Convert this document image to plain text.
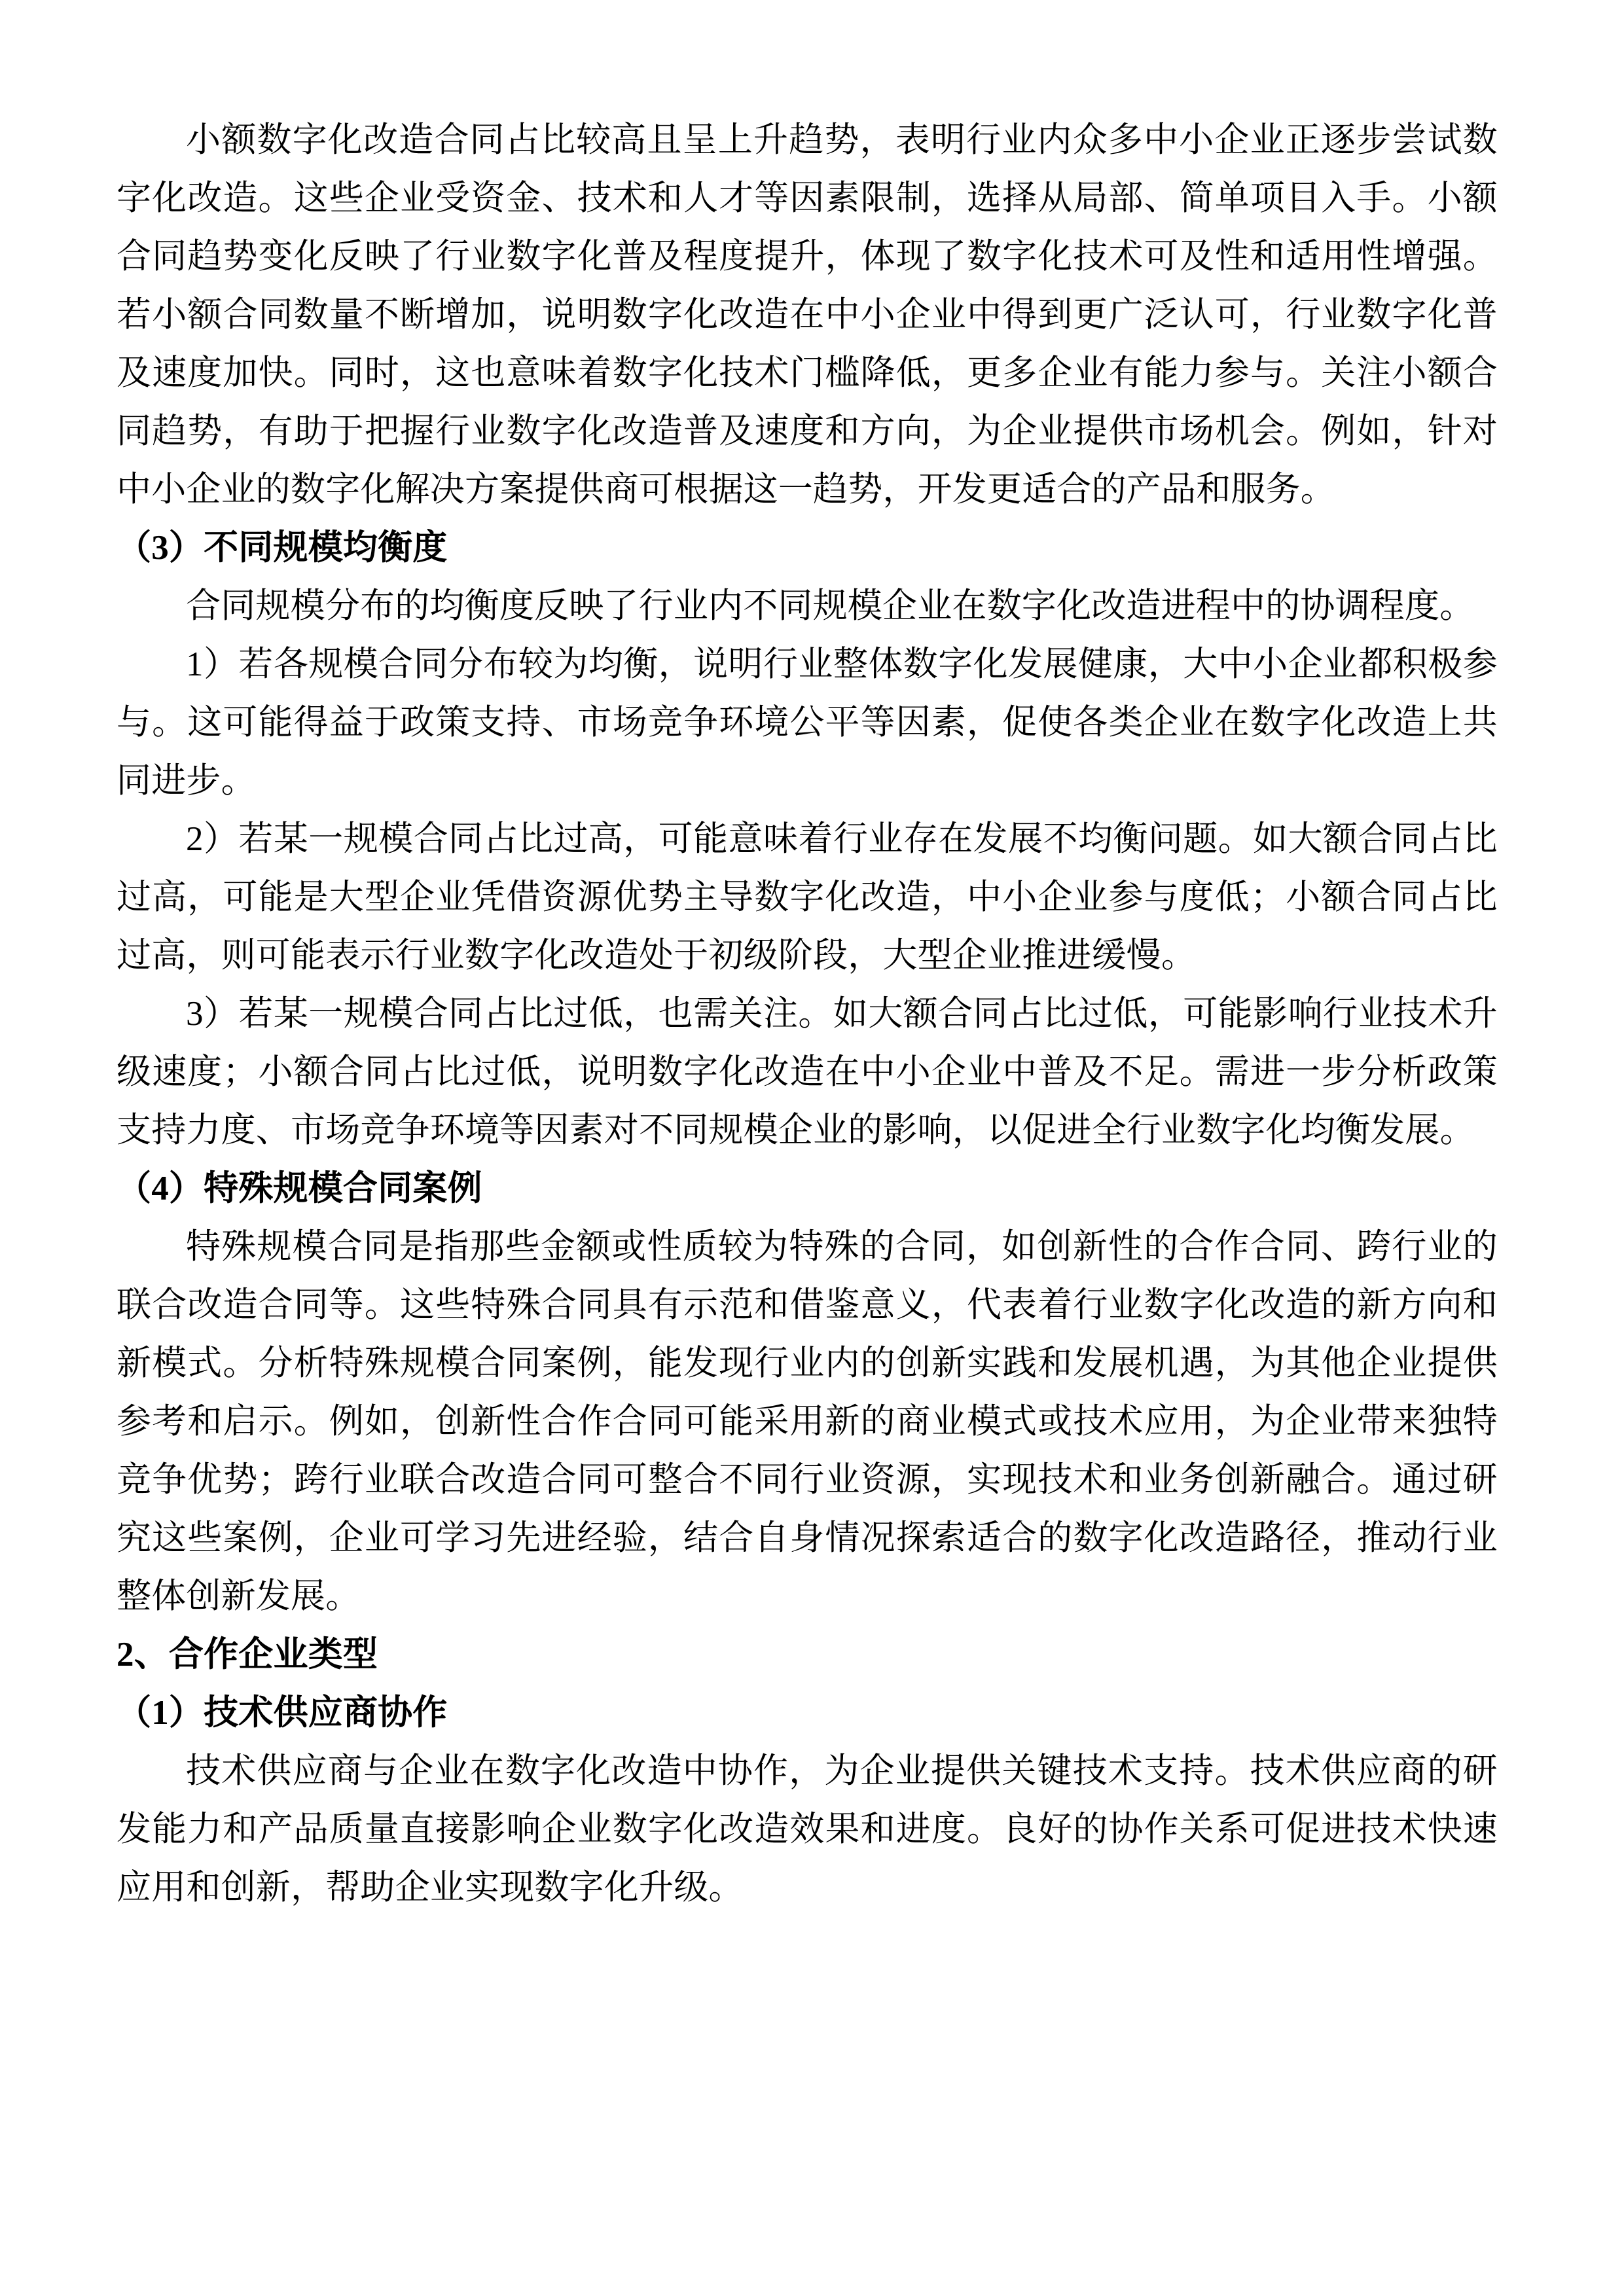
小额数字化改造合同占比较高且呈上升趋势，表明行业内众多中小企业正逐步尝试数字化改造。这些企业受资金、技术和人才等因素限制，选择从局部、简单项目入手。小额合同趋势变化反映了行业数字化普及程度提升，体现了数字化技术可及性和适用性增强。若小额合同数量不断增加，说明数字化改造在中小企业中得到更广泛认可，行业数字化普及速度加快。同时，这也意味着数字化技术门槛降低，更多企业有能力参与。关注小额合同趋势，有助于把握行业数字化改造普及速度和方向，为企业提供市场机会。例如，针对中小企业的数字化解决方案提供商可根据这一趋势，开发更适合的产品和服务。

（3）不同规模均衡度

合同规模分布的均衡度反映了行业内不同规模企业在数字化改造进程中的协调程度。

1）若各规模合同分布较为均衡，说明行业整体数字化发展健康，大中小企业都积极参与。这可能得益于政策支持、市场竞争环境公平等因素，促使各类企业在数字化改造上共同进步。

2）若某一规模合同占比过高，可能意味着行业存在发展不均衡问题。如大额合同占比过高，可能是大型企业凭借资源优势主导数字化改造，中小企业参与度低；小额合同占比过高，则可能表示行业数字化改造处于初级阶段，大型企业推进缓慢。

3）若某一规模合同占比过低，也需关注。如大额合同占比过低，可能影响行业技术升级速度；小额合同占比过低，说明数字化改造在中小企业中普及不足。需进一步分析政策支持力度、市场竞争环境等因素对不同规模企业的影响，以促进全行业数字化均衡发展。

（4）特殊规模合同案例

特殊规模合同是指那些金额或性质较为特殊的合同，如创新性的合作合同、跨行业的联合改造合同等。这些特殊合同具有示范和借鉴意义，代表着行业数字化改造的新方向和新模式。分析特殊规模合同案例，能发现行业内的创新实践和发展机遇，为其他企业提供参考和启示。例如，创新性合作合同可能采用新的商业模式或技术应用，为企业带来独特竞争优势；跨行业联合改造合同可整合不同行业资源，实现技术和业务创新融合。通过研究这些案例，企业可学习先进经验，结合自身情况探索适合的数字化改造路径，推动行业整体创新发展。

2、合作企业类型
（1）技术供应商协作

技术供应商与企业在数字化改造中协作，为企业提供关键技术支持。技术供应商的研发能力和产品质量直接影响企业数字化改造效果和进度。良好的协作关系可促进技术快速应用和创新，帮助企业实现数字化升级。
